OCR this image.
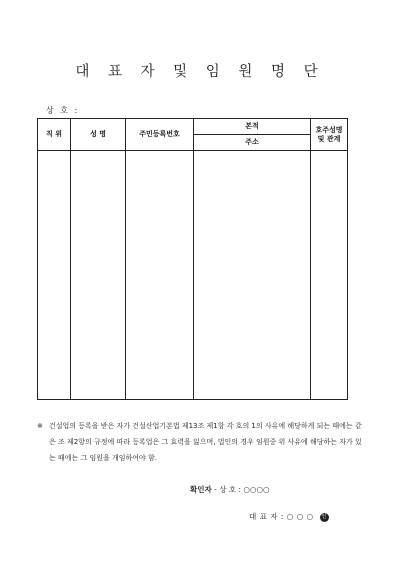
대 표 자 및 임 원 명 단
상 호 :
직 위	성 명	주민등록번호	본적	호주성명
및 관계
			주소	

※ 건설업의 등록을 받은 자가 건설산업기본법 제13조 제1항 각 호의 1의 사유에 해당하게 되는 때에는 같은 조 제2항의 규정에 따라 등록업은 그 효력을 잃으며, 법인의 경우 임원중 위 사유에 해당하는 자가 있는 때에는 그 임원을 개임하여야 함.

확인자 - 상 호 : ○○○○
대 표 자 : ○ ○ ○ 인
